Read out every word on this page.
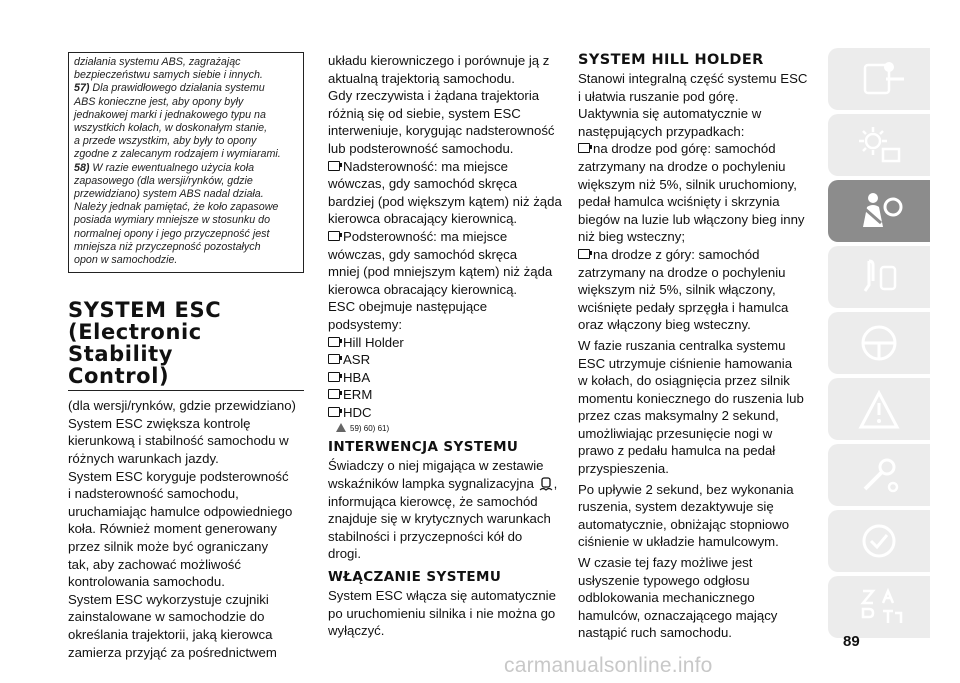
działania systemu ABS, zagrażając

bezpieczeństwu samych siebie i innych.

57) Dla prawidłowego działania systemu

ABS konieczne jest, aby opony były

jednakowej marki i jednakowego typu na

wszystkich kołach, w doskonałym stanie,

a przede wszystkim, aby były to opony

zgodne z zalecanym rodzajem i wymiarami.

58) W razie ewentualnego użycia koła

zapasowego (dla wersji/rynków, gdzie

przewidziano) system ABS nadal działa.

Należy jednak pamiętać, że koło zapasowe

posiada wymiary mniejsze w stosunku do

normalnej opony i jego przyczepność jest

mniejsza niż przyczepność pozostałych

opon w samochodzie.

SYSTEM ESC
(Electronic Stability
Control)

(dla wersji/rynków, gdzie przewidziano)

System ESC zwiększa kontrolę

kierunkową i stabilność samochodu w

różnych warunkach jazdy.

System ESC koryguje podsterowność

i nadsterowność samochodu,

uruchamiając hamulce odpowiedniego

koła. Również moment generowany

przez silnik może być ograniczany

tak, aby zachować możliwość

kontrolowania samochodu.

System ESC wykorzystuje czujniki

zainstalowane w samochodzie do

określania trajektorii, jaką kierowca

zamierza przyjąć za pośrednictwem

układu kierowniczego i porównuje ją z

aktualną trajektorią samochodu.

Gdy rzeczywista i żądana trajektoria

różnią się od siebie, system ESC

interweniuje, korygując nadsterowność

lub podsterowność samochodu.

Nadsterowność: ma miejsce

wówczas, gdy samochód skręca

bardziej (pod większym kątem) niż żąda

kierowca obracający kierownicą.

Podsterowność: ma miejsce

wówczas, gdy samochód skręca

mniej (pod mniejszym kątem) niż żąda

kierowca obracający kierownicą.

ESC obejmuje następujące

podsystemy:

Hill Holder

ASR

HBA

ERM

HDC

59) 60) 61)

INTERWENCJA SYSTEMU

Świadczy o niej migająca w zestawie

wskaźników lampka sygnalizacyjna ,

informująca kierowcę, że samochód

znajduje się w krytycznych warunkach

stabilności i przyczepności kół do

drogi.

WŁĄCZANIE SYSTEMU

System ESC włącza się automatycznie

po uruchomieniu silnika i nie można go

wyłączyć.

SYSTEM HILL HOLDER

Stanowi integralną część systemu ESC

i ułatwia ruszanie pod górę.

Uaktywnia się automatycznie w

następujących przypadkach:

na drodze pod górę: samochód

zatrzymany na drodze o pochyleniu

większym niż 5%, silnik uruchomiony,

pedał hamulca wciśnięty i skrzynia

biegów na luzie lub włączony bieg inny

niż bieg wsteczny;

na drodze z góry: samochód

zatrzymany na drodze o pochyleniu

większym niż 5%, silnik włączony,

wciśnięte pedały sprzęgła i hamulca

oraz włączony bieg wsteczny.

W fazie ruszania centralka systemu

ESC utrzymuje ciśnienie hamowania

w kołach, do osiągnięcia przez silnik

momentu koniecznego do ruszenia lub

przez czas maksymalny 2 sekund,

umożliwiając przesunięcie nogi w

prawo z pedału hamulca na pedał

przyspieszenia.

Po upływie 2 sekund, bez wykonania

ruszenia, system dezaktywuje się

automatycznie, obniżając stopniowo

ciśnienie w układzie hamulcowym.

W czasie tej fazy możliwe jest

usłyszenie typowego odgłosu

odblokowania mechanicznego

hamulców, oznaczającego mający

nastąpić ruch samochodu.

89
carmanualsonline.info
